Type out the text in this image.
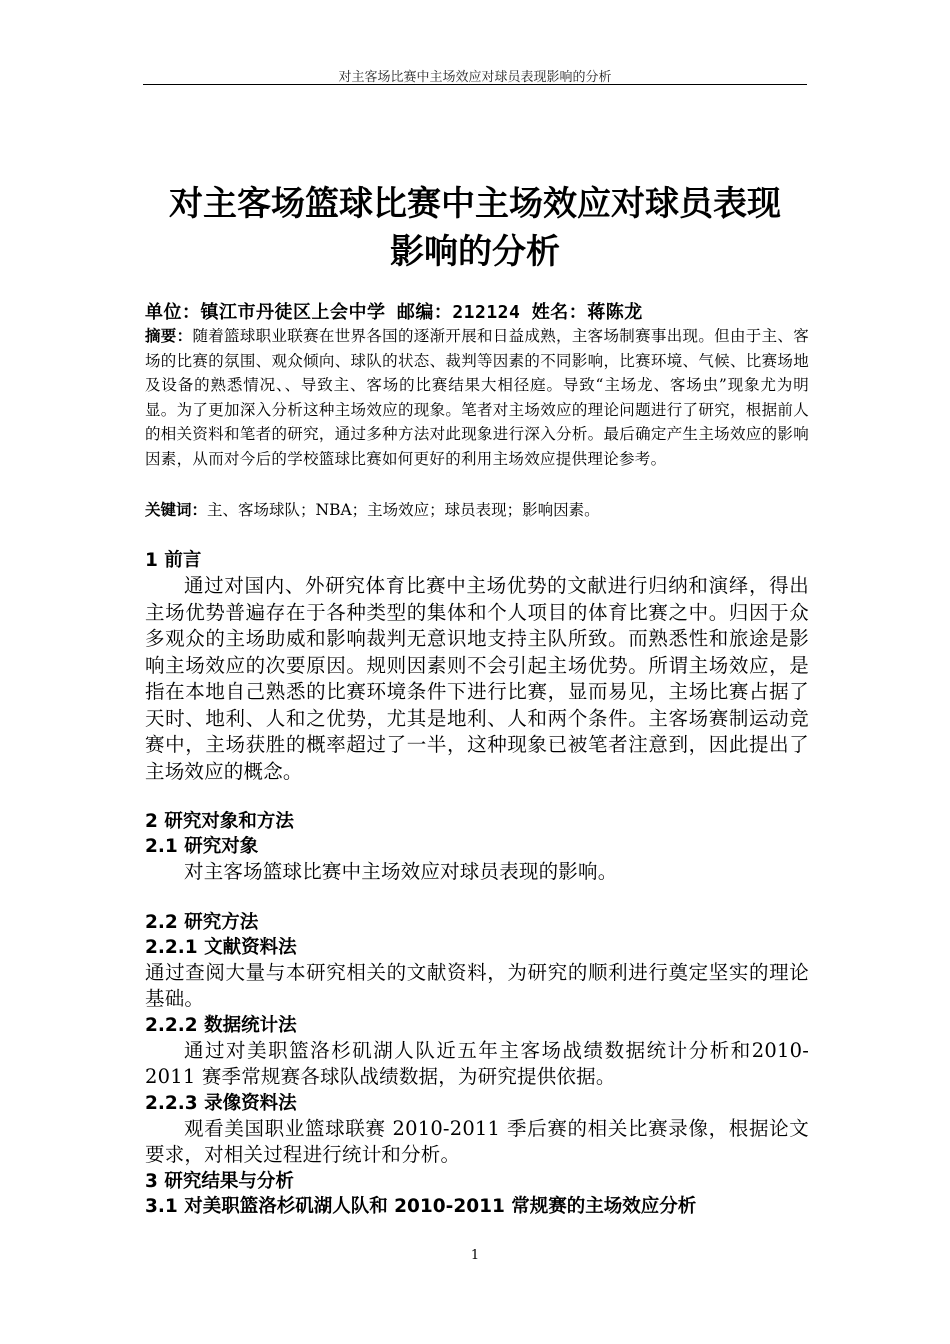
对主客场比赛中主场效应对球员表现影响的分析
对主客场篮球比赛中主场效应对球员表现
影响的分析
单位：镇江市丹徒区上会中学 邮编：212124 姓名：蒋陈龙
摘要：随着篮球职业联赛在世界各国的逐渐开展和日益成熟，主客场制赛事出现。但由于主、客场的比赛的氛围、观众倾向、球队的状态、裁判等因素的不同影响，比赛环境、气候、比赛场地及设备的熟悉情况、、导致主、客场的比赛结果大相径庭。导致“主场龙、客场虫”现象尤为明显。为了更加深入分析这种主场效应的现象。笔者对主场效应的理论问题进行了研究，根据前人的相关资料和笔者的研究，通过多种方法对此现象进行深入分析。最后确定产生主场效应的影响因素，从而对今后的学校篮球比赛如何更好的利用主场效应提供理论参考。
关键词：主、客场球队；NBA；主场效应；球员表现；影响因素。

1 前言

通过对国内、外研究体育比赛中主场优势的文献进行归纳和演绎，得出主场优势普遍存在于各种类型的集体和个人项目的体育比赛之中。归因于众多观众的主场助威和影响裁判无意识地支持主队所致。而熟悉性和旅途是影响主场效应的次要原因。规则因素则不会引起主场优势。所谓主场效应，是指在本地自己熟悉的比赛环境条件下进行比赛，显而易见，主场比赛占据了天时、地利、人和之优势，尤其是地利、人和两个条件。主客场赛制运动竞赛中，主场获胜的概率超过了一半，这种现象已被笔者注意到，因此提出了主场效应的概念。

2 研究对象和方法

2.1 研究对象

对主客场篮球比赛中主场效应对球员表现的影响。

2.2 研究方法

2.2.1 文献资料法

通过查阅大量与本研究相关的文献资料，为研究的顺利进行奠定坚实的理论基础。

2.2.2 数据统计法

通过对美职篮洛杉矶湖人队近五年主客场战绩数据统计分析和2010-2011 赛季常规赛各球队战绩数据，为研究提供依据。

2.2.3 录像资料法

观看美国职业篮球联赛 2010-2011 季后赛的相关比赛录像，根据论文要求，对相关过程进行统计和分析。

3 研究结果与分析

3.1 对美职篮洛杉矶湖人队和 2010-2011 常规赛的主场效应分析

1
